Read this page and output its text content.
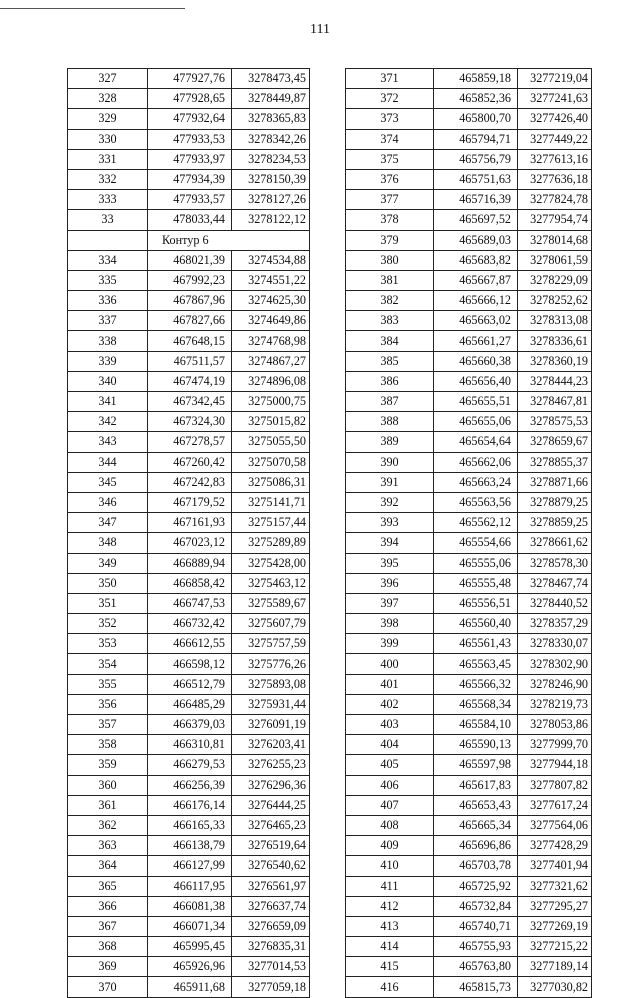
111
327	477927,76	3278473,45
328	477928,65	3278449,87
329	477932,64	3278365,83
330	477933,53	3278342,26
331	477933,97	3278234,53
332	477934,39	3278150,39
333	477933,57	3278127,26
33	478033,44	3278122,12
	Контур 6	
334	468021,39	3274534,88
335	467992,23	3274551,22
336	467867,96	3274625,30
337	467827,66	3274649,86
338	467648,15	3274768,98
339	467511,57	3274867,27
340	467474,19	3274896,08
341	467342,45	3275000,75
342	467324,30	3275015,82
343	467278,57	3275055,50
344	467260,42	3275070,58
345	467242,83	3275086,31
346	467179,52	3275141,71
347	467161,93	3275157,44
348	467023,12	3275289,89
349	466889,94	3275428,00
350	466858,42	3275463,12
351	466747,53	3275589,67
352	466732,42	3275607,79
353	466612,55	3275757,59
354	466598,12	3275776,26
355	466512,79	3275893,08
356	466485,29	3275931,44
357	466379,03	3276091,19
358	466310,81	3276203,41
359	466279,53	3276255,23
360	466256,39	3276296,36
361	466176,14	3276444,25
362	466165,33	3276465,23
363	466138,79	3276519,64
364	466127,99	3276540,62
365	466117,95	3276561,97
366	466081,38	3276637,74
367	466071,34	3276659,09
368	465995,45	3276835,31
369	465926,96	3277014,53
370	465911,68	3277059,18
371	465859,18	3277219,04
372	465852,36	3277241,63
373	465800,70	3277426,40
374	465794,71	3277449,22
375	465756,79	3277613,16
376	465751,63	3277636,18
377	465716,39	3277824,78
378	465697,52	3277954,74
379	465689,03	3278014,68
380	465683,82	3278061,59
381	465667,87	3278229,09
382	465666,12	3278252,62
383	465663,02	3278313,08
384	465661,27	3278336,61
385	465660,38	3278360,19
386	465656,40	3278444,23
387	465655,51	3278467,81
388	465655,06	3278575,53
389	465654,64	3278659,67
390	465662,06	3278855,37
391	465663,24	3278871,66
392	465563,56	3278879,25
393	465562,12	3278859,25
394	465554,66	3278661,62
395	465555,06	3278578,30
396	465555,48	3278467,74
397	465556,51	3278440,52
398	465560,40	3278357,29
399	465561,43	3278330,07
400	465563,45	3278302,90
401	465566,32	3278246,90
402	465568,34	3278219,73
403	465584,10	3278053,86
404	465590,13	3277999,70
405	465597,98	3277944,18
406	465617,83	3277807,82
407	465653,43	3277617,24
408	465665,34	3277564,06
409	465696,86	3277428,29
410	465703,78	3277401,94
411	465725,92	3277321,62
412	465732,84	3277295,27
413	465740,71	3277269,19
414	465755,93	3277215,22
415	465763,80	3277189,14
416	465815,73	3277030,82
